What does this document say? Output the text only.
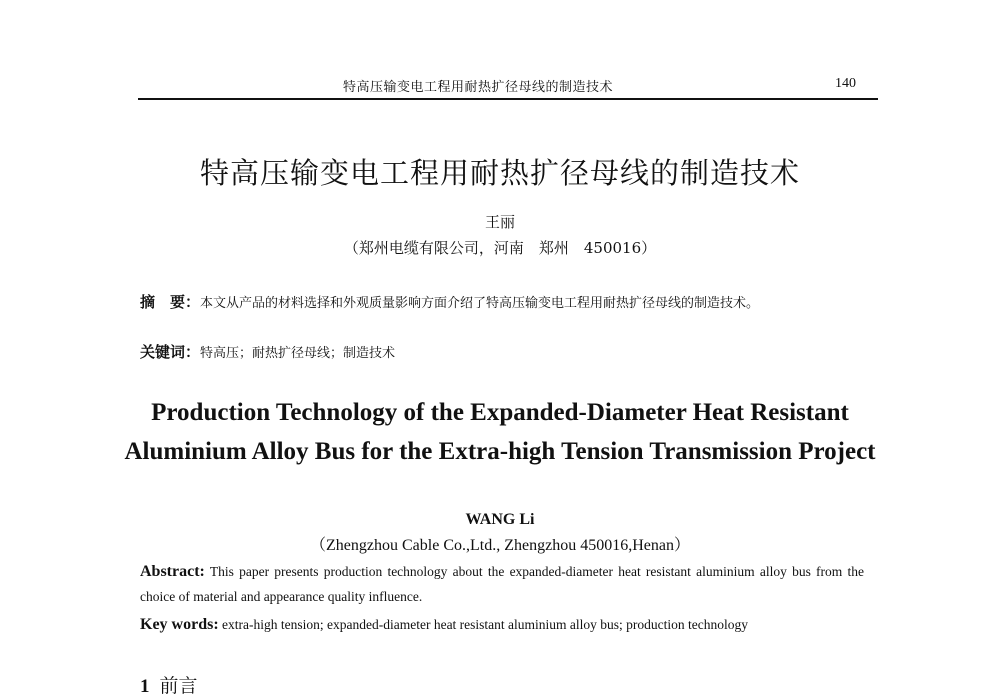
特高压输变电工程用耐热扩径母线的制造技术	140
特高压输变电工程用耐热扩径母线的制造技术
王丽
（郑州电缆有限公司，河南　郑州　450016）
摘　要：本文从产品的材料选择和外观质量影响方面介绍了特高压输变电工程用耐热扩径母线的制造技术。
关键词：特高压；耐热扩径母线；制造技术
Production Technology of the Expanded-Diameter Heat Resistant Aluminium Alloy Bus for the Extra-high Tension Transmission Project
WANG Li
（Zhengzhou Cable Co.,Ltd., Zhengzhou 450016,Henan）
Abstract: This paper presents production technology about the expanded-diameter heat resistant aluminium alloy bus from the choice of material and appearance quality influence.
Key words: extra-high tension; expanded-diameter heat resistant aluminium alloy bus; production technology
1 前言
